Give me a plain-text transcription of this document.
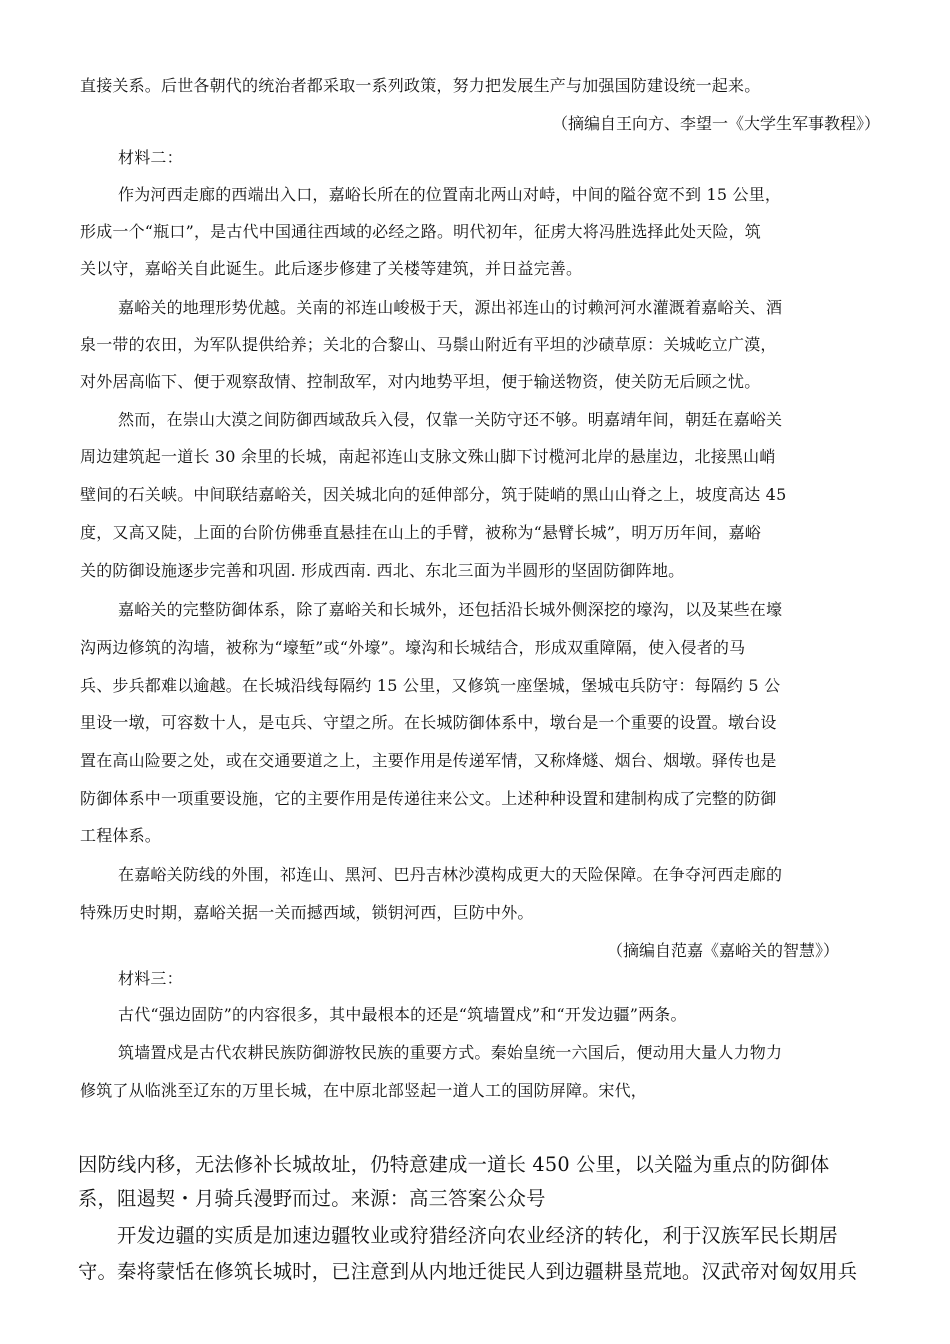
直接关系。后世各朝代的统治者都采取一系列政策，努力把发展生产与加强国防建设统一起来。
（摘编自王向方、李望一《大学生军事教程》）
材料二：
作为河西走廊的西端出入口，嘉峪长所在的位置南北两山对峙，中间的隘谷宽不到 15 公里，
形成一个“瓶口”，是古代中国通往西域的必经之路。明代初年，征虏大将冯胜选择此处天险，筑
关以守，嘉峪关自此诞生。此后逐步修建了关楼等建筑，并日益完善。
嘉峪关的地理形势优越。关南的祁连山峻极于天，源出祁连山的讨赖河河水灌溉着嘉峪关、酒
泉一带的农田，为军队提供给养；关北的合黎山、马鬃山附近有平坦的沙碛草原：关城屹立广漠，
对外居高临下、便于观察敌情、控制敌军，对内地势平坦，便于输送物资，使关防无后顾之忧。
然而，在崇山大漠之间防御西域敌兵入侵，仅靠一关防守还不够。明嘉靖年间，朝廷在嘉峪关
周边建筑起一道长 30 余里的长城，南起祁连山支脉文殊山脚下讨榄河北岸的悬崖边，北接黑山峭
壁间的石关峡。中间联结嘉峪关，因关城北向的延伸部分，筑于陡峭的黑山山脊之上，坡度高达 45
度，又高又陡，上面的台阶仿佛垂直悬挂在山上的手臂，被称为“悬臂长城”，明万历年间，嘉峪
关的防御设施逐步完善和巩固. 形成西南. 西北、东北三面为半圆形的坚固防御阵地。
嘉峪关的完整防御体系，除了嘉峪关和长城外，还包括沿长城外侧深挖的壕沟，以及某些在壕
沟两边修筑的沟墙，被称为“壕堑”或“外壕”。壕沟和长城结合，形成双重障隔，使入侵者的马
兵、步兵都难以逾越。在长城沿线每隔约 15 公里，又修筑一座堡城，堡城屯兵防守：每隔约 5 公
里设一墩，可容数十人，是屯兵、守望之所。在长城防御体系中，墩台是一个重要的设置。墩台设
置在高山险要之处，或在交通要道之上，主要作用是传递军情，又称烽燧、烟台、烟墩。驿传也是
防御体系中一项重要设施，它的主要作用是传递往来公文。上述种种设置和建制构成了完整的防御
工程体系。
在嘉峪关防线的外围，祁连山、黑河、巴丹吉林沙漠构成更大的天险保障。在争夺河西走廊的
特殊历史时期，嘉峪关据一关而撼西域，锁钥河西，巨防中外。
（摘编自范嘉《嘉峪关的智慧》）
材料三：
古代“强边固防”的内容很多，其中最根本的还是“筑墙置戍”和“开发边疆”两条。
筑墙置戍是古代农耕民族防御游牧民族的重要方式。秦始皇统一六国后，便动用大量人力物力
修筑了从临洮至辽东的万里长城，在中原北部竖起一道人工的国防屏障。宋代，
因防线内移，无法修补长城故址，仍特意建成一道长 450 公里，以关隘为重点的防御体
系，阻遏契・月骑兵漫野而过。来源：高三答案公众号
开发边疆的实质是加速边疆牧业或狩猎经济向农业经济的转化，利于汉族军民长期居
守。秦将蒙恬在修筑长城时，已注意到从内地迁徙民人到边疆耕垦荒地。汉武帝对匈奴用兵
